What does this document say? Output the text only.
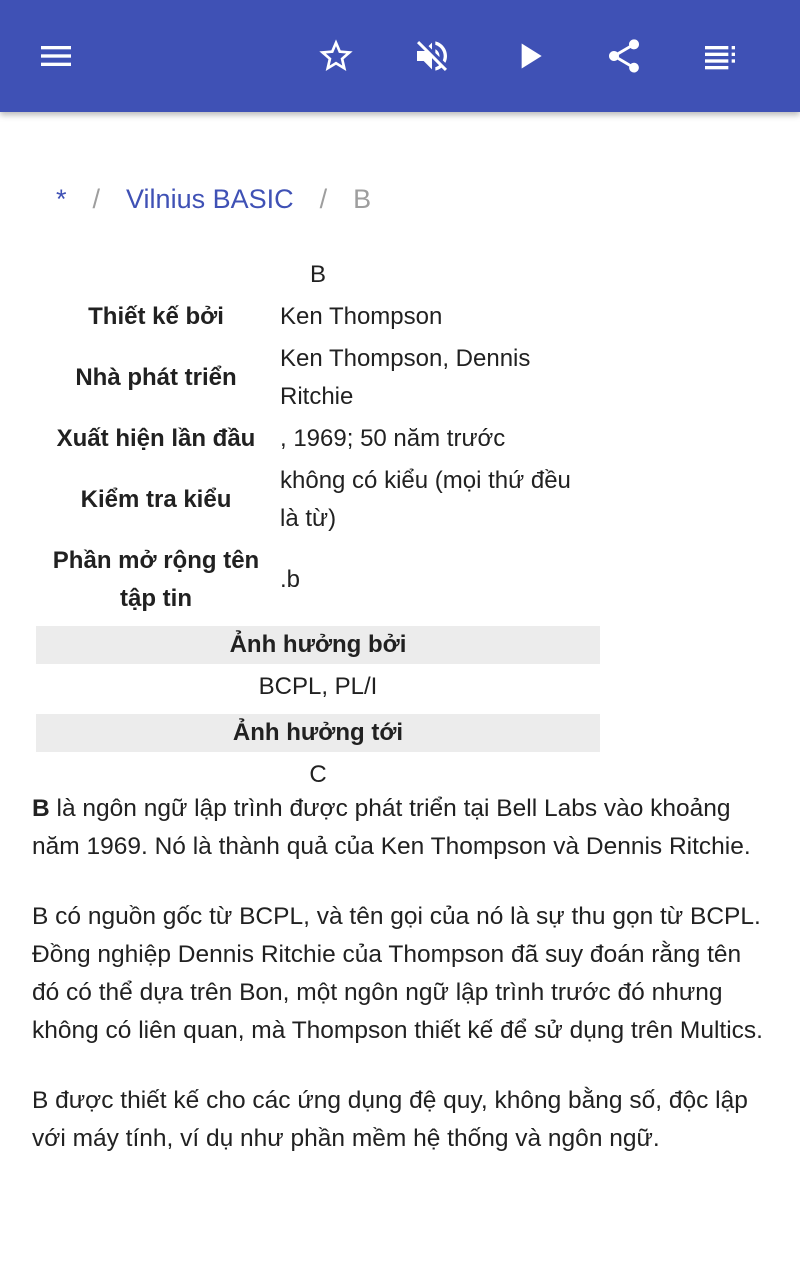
* / Vilnius BASIC / B
B
Thiết kế bởi	Ken Thompson
Nhà phát triển
Ken Thompson, Dennis Ritchie
Xuất hiện lần đầu	, 1969; 50 năm trước
Kiểm tra kiểu
không có kiểu (mọi thứ đều là từ)
Phần mở rộng tên tập tin
.b
Ảnh hưởng bởi
BCPL, PL/I
Ảnh hưởng tới
C

B là ngôn ngữ lập trình được phát triển tại Bell Labs vào khoảng năm 1969. Nó là thành quả của Ken Thompson và Dennis Ritchie.

B có nguồn gốc từ BCPL, và tên gọi của nó là sự thu gọn từ BCPL. Đồng nghiệp Dennis Ritchie của Thompson đã suy đoán rằng tên đó có thể dựa trên Bon, một ngôn ngữ lập trình trước đó nhưng không có liên quan, mà Thompson thiết kế để sử dụng trên Multics.

B được thiết kế cho các ứng dụng đệ quy, không bằng số, độc lập với máy tính, ví dụ như phần mềm hệ thống và ngôn ngữ.
